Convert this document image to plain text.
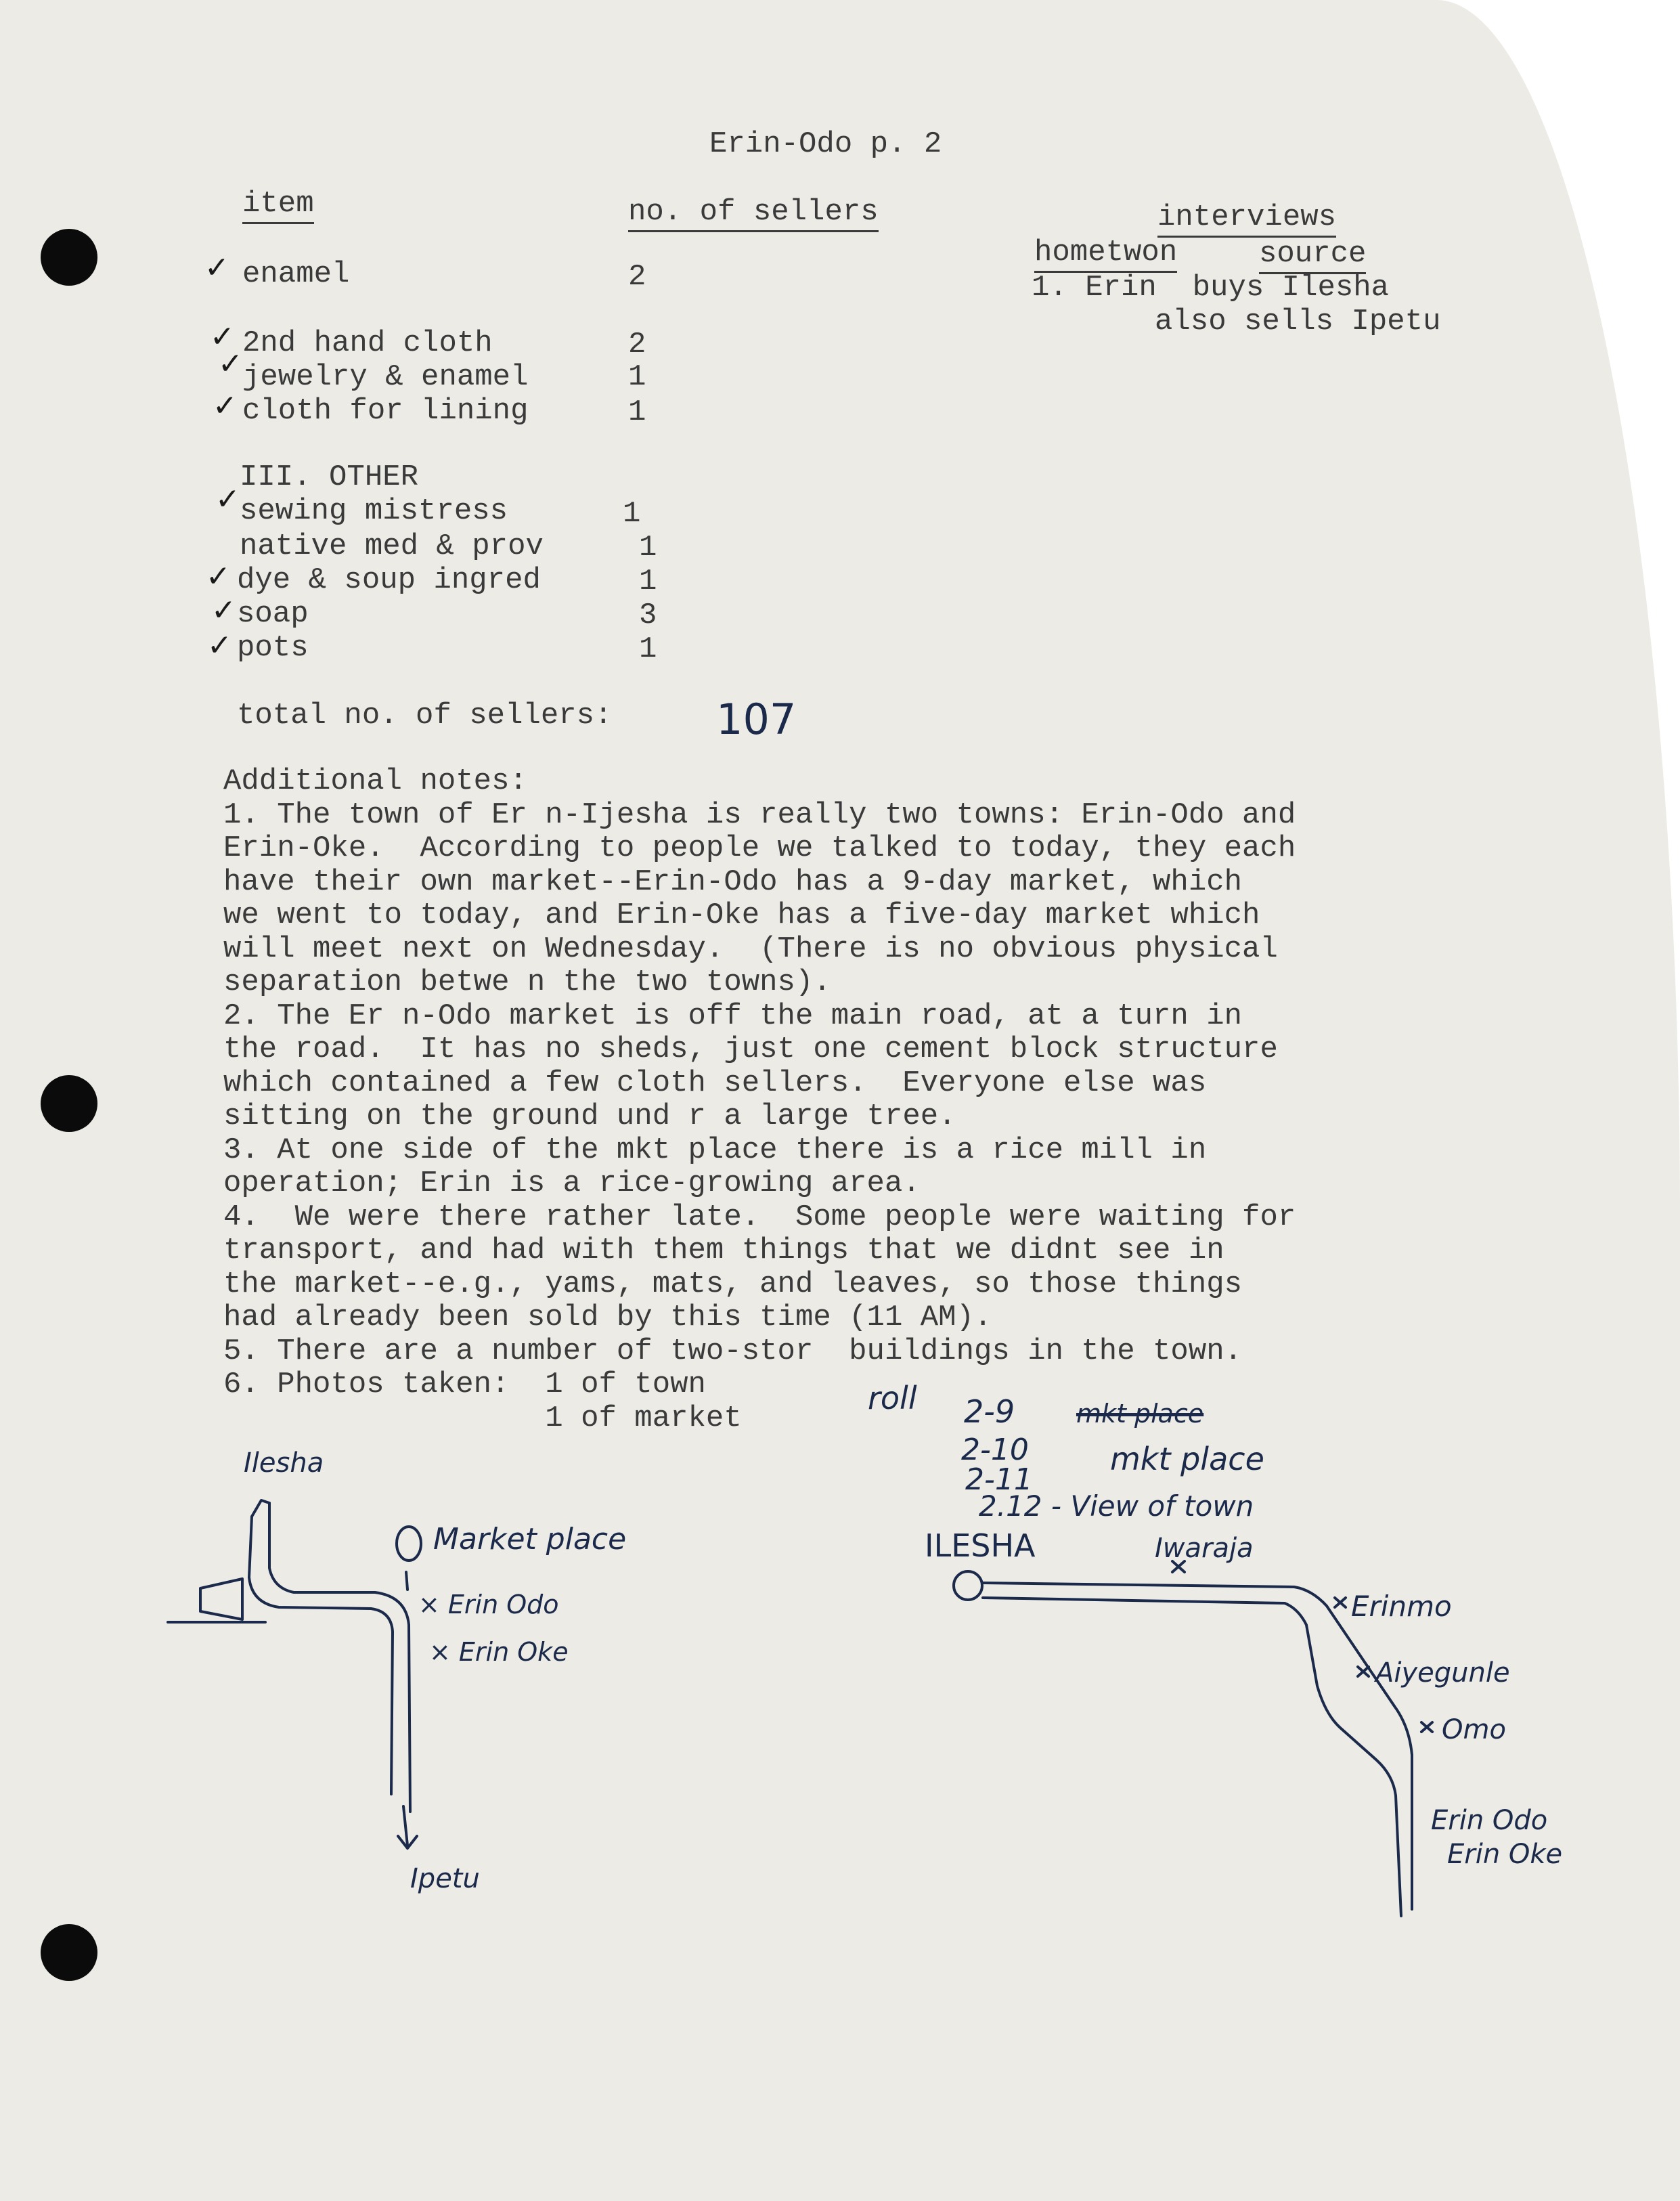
Erin-Odo p. 2
item	no. of sellers	interviews
hometwon	source
1. Erin  buys Ilesha
also sells Ipetu
✓ enamel	2
✓ 2nd hand cloth	2
✓ jewelry & enamel	1
✓ cloth for lining	1
III. OTHER
✓ sewing mistress	1
native med & prov	1
✓ dye & soup ingred	1
✓ soap	3
✓ pots	1
total no. of sellers: 107
Additional notes:
1. The town of Er n-Ijesha is really two towns: Erin-Odo and
Erin-Oke.  According to people we talked to today, they each
have their own market--Erin-Odo has a 9-day market, which
we went to today, and Erin-Oke has a five-day market which
will meet next on Wednesday.  (There is no obvious physical
separation betwe n the two towns).
2. The Er n-Odo market is off the main road, at a turn in
the road.  It has no sheds, just one cement block structure
which contained a few cloth sellers.  Everyone else was
sitting on the ground und r a large tree.
3. At one side of the mkt place there is a rice mill in
operation; Erin is a rice-growing area.
4.  We were there rather late.  Some people were waiting for
transport, and had with them things that we didnt see in
the market--e.g., yams, mats, and leaves, so those things
had already been sold by this time (11 AM).
5. There are a number of two-stor  buildings in the town.
6. Photos taken:  1 of town
1 of market
roll 2-9 mkt place
2-10
2-11
mkt place
2.12 - View of town
Ilesha
Market place
× Erin Odo
× Erin Oke
Ipetu
ILESHA	Iwaraja
Erinmo
Aiyegunle
Omo
Erin Odo
Erin Oke
